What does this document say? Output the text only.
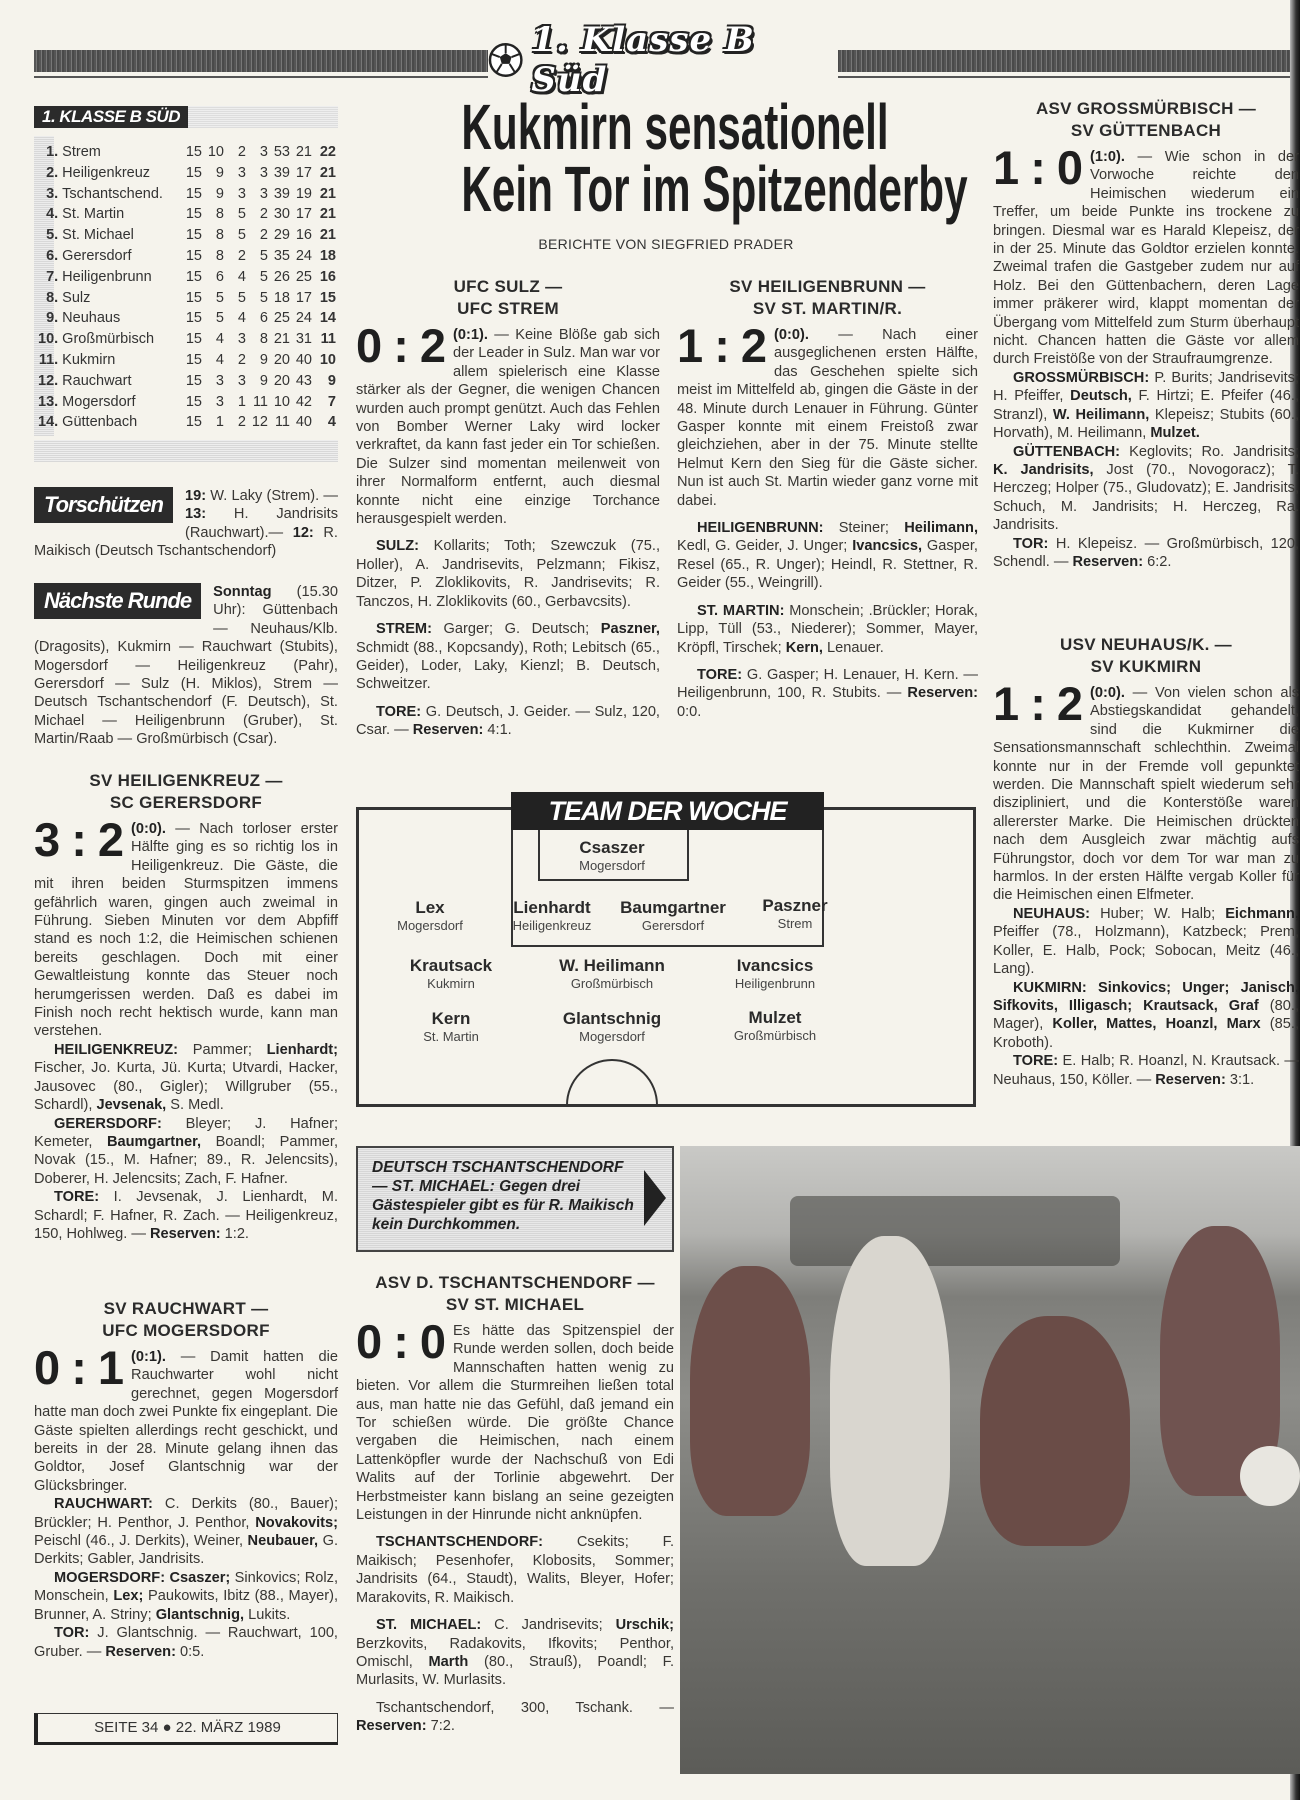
1. Klasse B Süd
1. KLASSE B SÜD
1.	Strem	15	10	2	3	53	21	22
2.	Heiligenkreuz	15	9	3	3	39	17	21
3.	Tschantschend.	15	9	3	3	39	19	21
4.	St. Martin	15	8	5	2	30	17	21
5.	St. Michael	15	8	5	2	29	16	21
6.	Gerersdorf	15	8	2	5	35	24	18
7.	Heiligenbrunn	15	6	4	5	26	25	16
8.	Sulz	15	5	5	5	18	17	15
9.	Neuhaus	15	5	4	6	25	24	14
10.	Großmürbisch	15	4	3	8	21	31	11
11.	Kukmirn	15	4	2	9	20	40	10
12.	Rauchwart	15	3	3	9	20	43	9
13.	Mogersdorf	15	3	1	11	10	42	7
14.	Güttenbach	15	1	2	12	11	40	4
Torschützen	19: W. Laky (Strem). — 13: H. Jandrisits (Rauchwart).— 12: R. Maikisch (Deutsch Tschantschendorf)

Nächste Runde	Sonntag (15.30 Uhr): Güttenbach — Neuhaus/Klb. (Dragosits), Kukmirn — Rauchwart (Stubits), Mogersdorf — Heiligenkreuz (Pahr), Gerersdorf — Sulz (H. Miklos), Strem — Deutsch Tschantschendorf (F. Deutsch), St. Michael — Heiligenbrunn (Gruber), St. Martin/Raab — Großmürbisch (Csar).

Kukmirn sensationell
Kein Tor im Spitzenderby
BERICHTE VON SIEGFRIED PRADER
SV HEILIGENKREUZ —
SC GERERSDORF

3 : 2 (0:0). — Nach torloser erster Hälfte ging es so richtig los in Heiligenkreuz. Die Gäste, die mit ihren beiden Sturmspitzen immens gefährlich waren, gingen auch zweimal in Führung. Sieben Minuten vor dem Abpfiff stand es noch 1:2, die Heimischen schienen bereits geschlagen. Doch mit einer Gewaltleistung konnte das Steuer noch herumgerissen werden. Daß es dabei im Finish noch recht hektisch wurde, kann man verstehen.

HEILIGENKREUZ: Pammer; Lienhardt; Fischer, Jo. Kurta, Jü. Kurta; Utvardi, Hacker, Jausovec (80., Gigler); Willgruber (55., Schardl), Jevsenak, S. Medl.

GERERSDORF: Bleyer; J. Hafner; Kemeter, Baumgartner, Boandl; Pammer, Novak (15., M. Hafner; 89., R. Jelencsits), Doberer, H. Jelencsits; Zach, F. Hafner.

TORE: I. Jevsenak, J. Lienhardt, M. Schardl; F. Hafner, R. Zach. — Heiligenkreuz, 150, Hohlweg. — Reserven: 1:2.

SV RAUCHWART —
UFC MOGERSDORF

0 : 1 (0:1). — Damit hatten die Rauchwarter wohl nicht gerechnet, gegen Mogersdorf hatte man doch zwei Punkte fix eingeplant. Die Gäste spielten allerdings recht geschickt, und bereits in der 28. Minute gelang ihnen das Goldtor, Josef Glantschnig war der Glücksbringer.

RAUCHWART: C. Derkits (80., Bauer); Brückler; H. Penthor, J. Penthor, Novakovits; Peischl (46., J. Derkits), Weiner, Neubauer, G. Derkits; Gabler, Jandrisits.

MOGERSDORF: Csaszer; Sinkovics; Rolz, Monschein, Lex; Paukowits, Ibitz (88., Mayer), Brunner, A. Striny; Glantschnig, Lukits.

TOR: J. Glantschnig. — Rauchwart, 100, Gruber. — Reserven: 0:5.

UFC SULZ —
UFC STREM

0 : 2 (0:1). — Keine Blöße gab sich der Leader in Sulz. Man war vor allem spielerisch eine Klasse stärker als der Gegner, die wenigen Chancen wurden auch prompt genützt. Auch das Fehlen von Bomber Werner Laky wird locker verkraftet, da kann fast jeder ein Tor schießen. Die Sulzer sind momentan meilenweit von ihrer Normalform entfernt, auch diesmal konnte nicht eine einzige Torchance herausgespielt werden.

SULZ: Kollarits; Toth; Szewczuk (75., Holler), A. Jandrisevits, Pelzmann; Fikisz, Ditzer, P. Zloklikovits, R. Jandrisevits; R. Tanczos, H. Zloklikovits (60., Gerbavcsits).

STREM: Garger; G. Deutsch; Paszner, Schmidt (88., Kopcsandy), Roth; Lebitsch (65., Geider), Loder, Laky, Kienzl; B. Deutsch, Schweitzer.

TORE: G. Deutsch, J. Geider. — Sulz, 120, Csar. — Reserven: 4:1.

SV HEILIGENBRUNN —
SV ST. MARTIN/R.

1 : 2 (0:0). — Nach einer ausgeglichenen ersten Hälfte, das Geschehen spielte sich meist im Mittelfeld ab, gingen die Gäste in der 48. Minute durch Lenauer in Führung. Günter Gasper konnte mit einem Freistoß zwar gleichziehen, aber in der 75. Minute stellte Helmut Kern den Sieg für die Gäste sicher. Nun ist auch St. Martin wieder ganz vorne mit dabei.

HEILIGENBRUNN: Steiner; Heilimann, Kedl, G. Geider, J. Unger; Ivancsics, Gasper, Resel (65., R. Unger); Heindl, R. Stettner, R. Geider (55., Weingrill).

ST. MARTIN: Monschein; .Brückler; Horak, Lipp, Tüll (53., Niederer); Sommer, Mayer, Kröpfl, Tirschek; Kern, Lenauer.

TORE: G. Gasper; H. Lenauer, H. Kern. — Heiligenbrunn, 100, R. Stubits. — Reserven: 0:0.

ASV GROSSMÜRBISCH —
SV GÜTTENBACH

1 : 0 (1:0). — Wie schon in der Vorwoche reichte den Heimischen wiederum ein Treffer, um beide Punkte ins trockene zu bringen. Diesmal war es Harald Klepeisz, der in der 25. Minute das Goldtor erzielen konnte. Zweimal trafen die Gastgeber zudem nur auf Holz. Bei den Güttenbachern, deren Lage immer präkerer wird, klappt momentan der Übergang vom Mittelfeld zum Sturm überhaupt nicht. Chancen hatten die Gäste vor allem durch Freistöße von der Straufraumgrenze.

GROSSMÜRBISCH: P. Burits; Jandrisevits; H. Pfeiffer, Deutsch, F. Hirtzi; E. Pfeifer (46., Stranzl), W. Heilimann, Klepeisz; Stubits (60., Horvath), M. Heilimann, Mulzet.

GÜTTENBACH: Keglovits; Ro. Jandrisits; K. Jandrisits, Jost (70., Novogoracz); T. Herczeg; Holper (75., Gludovatz); E. Jandrisits, Schuch, M. Jandrisits; H. Herczeg, Ra. Jandrisits.

TOR: H. Klepeisz. — Großmürbisch, 120, Schendl. — Reserven: 6:2.

USV NEUHAUS/K. —
SV KUKMIRN

1 : 2 (0:0). — Von vielen schon als Abstiegskandidat gehandelt, sind die Kukmirner die Sensationsmannschaft schlechthin. Zweimal konnte nur in der Fremde voll gepunktet werden. Die Mannschaft spielt wiederum sehr diszipliniert, und die Konterstöße waren allererster Marke. Die Heimischen drückten nach dem Ausgleich zwar mächtig aufs Führungstor, doch vor dem Tor war man zu harmlos. In der ersten Hälfte vergab Koller für die Heimischen einen Elfmeter.

NEUHAUS: Huber; W. Halb; Eichmann, Pfeiffer (78., Holzmann), Katzbeck; Prem, Koller, E. Halb, Pock; Sobocan, Meitz (46., Lang).

KUKMIRN: Sinkovics; Unger; Janisch, Sifkovits, Illigasch; Krautsack, Graf (80., Mager), Koller, Mattes, Hoanzl, Marx (85., Kroboth).

TORE: E. Halb; R. Hoanzl, N. Krautsack. — Neuhaus, 150, Köller. — Reserven: 3:1.

ASV D. TSCHANTSCHENDORF —
SV ST. MICHAEL

0 : 0 Es hätte das Spitzenspiel der Runde werden sollen, doch beide Mannschaften hatten wenig zu bieten. Vor allem die Sturmreihen ließen total aus, man hatte nie das Gefühl, daß jemand ein Tor schießen würde. Die größte Chance vergaben die Heimischen, nach einem Lattenköpfler wurde der Nachschuß von Edi Walits auf der Torlinie abgewehrt. Der Herbstmeister kann bislang an seine gezeigten Leistungen in der Hinrunde nicht anknüpfen.

TSCHANTSCHENDORF: Csekits; F. Maikisch; Pesenhofer, Klobosits, Sommer; Jandrisits (64., Staudt), Walits, Bleyer, Hofer; Marakovits, R. Maikisch.

ST. MICHAEL: C. Jandrisevits; Urschik; Berzkovits, Radakovits, Ifkovits; Penthor, Omischl, Marth (80., Strauß), Poandl; F. Murlasits, W. Murlasits.

Tschantschendorf, 300, Tschank. — Reserven: 7:2.

TEAM DER WOCHE
Csaszer
Mogersdorf
Lex
Mogersdorf
Lienhardt
Heiligenkreuz
Baumgartner
Gerersdorf
Paszner
Strem
Krautsack
Kukmirn
W. Heilimann
Großmürbisch
Ivancsics
Heiligenbrunn
Kern
St. Martin
Glantschnig
Mogersdorf
Mulzet
Großmürbisch
DEUTSCH TSCHANTSCHENDORF — ST. MICHAEL: Gegen drei Gästespieler gibt es für R. Maikisch kein Durchkommen.
SEITE 34 ● 22. MÄRZ 1989
